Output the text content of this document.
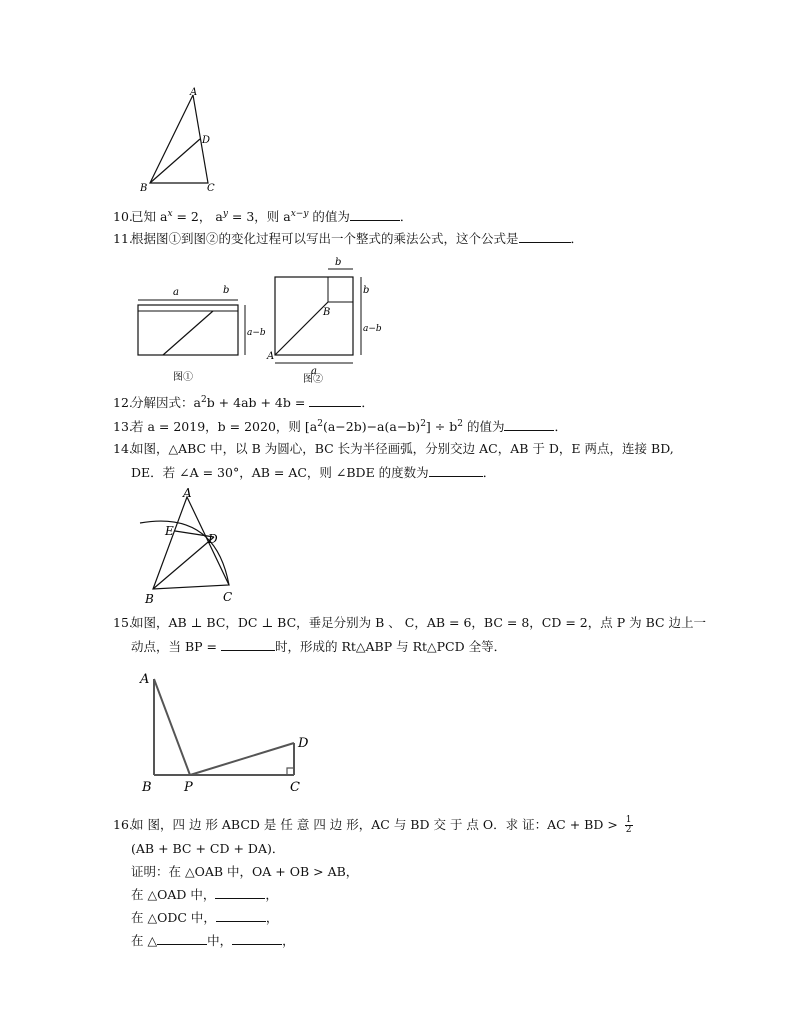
A
D
B	C
10.已知 $a^x = 2$， $a^y = 3$，则 $a^{x-y}$ 的值为	．
11.根据图①到图②的变化过程可以写出一个整式的乘法公式，这个公式是	．
a	b
a−b
图①
b
b
a−b
B
A
a
图②
12.分解因式：$a^2b + 4ab + 4b$ =	．
13.若 a = 2019，b = 2020，则 $[a^2(a-2b)-a(a-b)^2] \div b^2$ 的值为	．
14.如图，△ABC 中，以 B 为圆心，BC 长为半径画弧，分别交边 AC，AB 于 D，E 两点，连接 BD,
DE．若 ∠A = 30°，AB = AC，则 ∠BDE 的度数为	．
A
E
D
B	C
15.如图，AB ⊥ BC，DC ⊥ BC，垂足分别为 B 、 C，AB = 6，BC = 8，CD = 2，点 P 为 BC 边上一
动点，当 BP =	时，形成的 Rt△ABP 与 Rt△PCD 全等．
A
B P
D
C
16.如 图，四 边 形 ABCD 是 任 意 四 边 形，AC 与 BD 交 于 点 O．求 证：AC + BD > $\frac{1}{2}$
(AB + BC + CD + DA)．
证明：在 △OAB 中，OA + OB > AB，
在 △OAD 中，	，
在 △ODC 中，	，
在 △	中，	，
